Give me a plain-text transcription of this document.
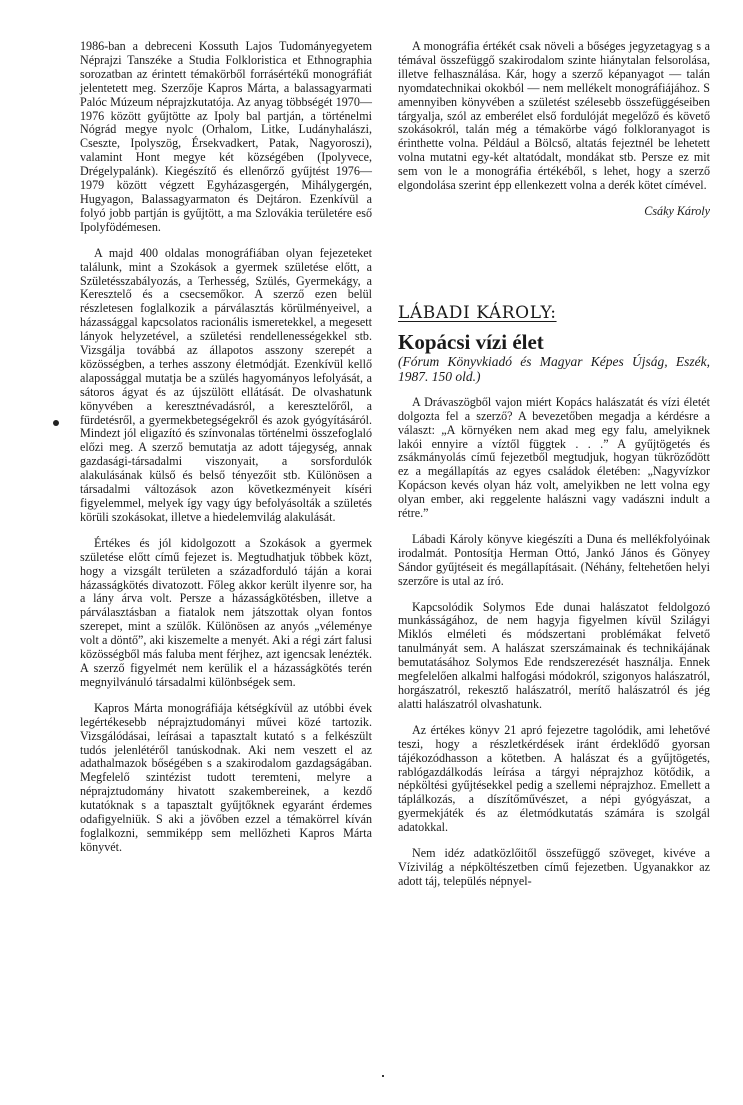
1986-ban a debreceni Kossuth Lajos Tudományegyetem Néprajzi Tanszéke a Studia Folkloristica et Ethnographia sorozatban az érintett témakörből forrásértékű monográfiát jelentetett meg. Szerzője Kapros Márta, a balassagyarmati Palóc Múzeum néprajzkutatója. Az anyag többségét 1970—1976 között gyűjtötte az Ipoly bal partján, a történelmi Nógrád megye nyolc (Orhalom, Litke, Ludányhalászi, Cseszte, Ipolyszög, Érsekvadkert, Patak, Nagyoroszi), valamint Hont megye két községében (Ipolyvece, Drégelypalánk). Kiegészítő és ellenőrző gyűjtést 1976—1979 között végzett Egyházasgergén, Mihálygergén, Hugyagon, Balassagyarmaton és Dejtáron. Ezenkívül a folyó jobb partján is gyűjtött, a ma Szlovákia területére eső Ipolyfödémesen.

A majd 400 oldalas monográfiában olyan fejezeteket találunk, mint a Szokások a gyermek születése előtt, a Születésszabályozás, a Terhesség, Szülés, Gyermekágy, a Keresztelő és a csecsemőkor. A szerző ezen belül részletesen foglalkozik a párválasztás körülményeivel, a házassággal kapcsolatos racionális ismeretekkel, a megesett lányok helyzetével, a születési rendellenességekkel stb. Vizsgálja továbbá az állapotos asszony szerepét a közösségben, a terhes asszony életmódját. Ezenkívül kellő alapossággal mutatja be a szülés hagyományos lefolyását, a sátoros ágyat és az újszülött ellátását. De olvashatunk könyvében a keresztnévadásról, a keresztelőről, a fürdetésről, a gyermekbetegségekről és azok gyógyításáról. Mindezt jól eligazító és színvonalas történelmi összefoglaló előzi meg. A szerző bemutatja az adott tájegység, annak gazdasági-társadalmi viszonyait, a sorsfordulók alakulásának külső és belső tényezőit stb. Különösen a társadalmi változások azon következményeit kíséri figyelemmel, melyek így vagy úgy befolyásolták a születés körüli szokásokat, illetve a hiedelemvilág alakulását.

Értékes és jól kidolgozott a Szokások a gyermek születése előtt című fejezet is. Megtudhatjuk többek közt, hogy a vizsgált területen a századforduló táján a korai házasságkötés divatozott. Főleg akkor került ilyenre sor, ha a lány árva volt. Persze a házasságkötésben, illetve a párválasztásban a fiatalok nem játszottak olyan fontos szerepet, mint a szülők. Különösen az anyós „véleménye volt a döntő”, aki kiszemelte a menyét. Aki a régi zárt falusi közösségből más faluba ment férjhez, azt igencsak lenézték. A szerző figyelmét nem kerülik el a házasságkötés terén megnyilvánuló társadalmi különbségek sem.

Kapros Márta monográfiája kétségkívül az utóbbi évek legértékesebb néprajztudományi művei közé tartozik. Vizsgálódásai, leírásai a tapasztalt kutató s a felkészült tudós jelenlétéről tanúskodnak. Aki nem veszett el az adathalmazok bőségében s a szakirodalom gazdagságában. Megfelelő szintézist tudott teremteni, melyre a néprajztudomány hivatott szakembereinek, a kezdő kutatóknak s a tapasztalt gyűjtőknek egyaránt érdemes odafigyelniük. S aki a jövőben ezzel a témakörrel kíván foglalkozni, semmiképp sem mellőzheti Kapros Márta könyvét.

A monográfia értékét csak növeli a bőséges jegyzetagyag s a témával összefüggő szakirodalom szinte hiánytalan felsorolása, illetve felhasználása. Kár, hogy a szerző képanyagot — talán nyomdatechnikai okokból — nem mellékelt monográfiájához. S amennyiben könyvében a születést szélesebb összefüggéseiben tárgyalja, szól az emberélet első fordulóját megelőző és követő szokásokról, talán még a témakörbe vágó folkloranyagot is érinthette volna. Például a Bölcső, altatás fejeztnél be lehetett volna mutatni egy-két altatódalt, mondákat stb. Persze ez mit sem von le a monográfia értékéből, s lehet, hogy a szerző elgondolása szerint épp ellenkezett volna a derék kötet címével.

Csáky Károly
LÁBADI KÁROLY:
Kopácsi vízi élet
(Fórum Könyvkiadó és Magyar Képes Újság, Eszék, 1987. 150 old.)

A Drávaszögből vajon miért Kopács halászatát és vízi életét dolgozta fel a szerző? A bevezetőben megadja a kérdésre a választ: „A környéken nem akad meg egy falu, amelyiknek lakói ennyire a víztől függtek . . .” A gyűjtögetés és zsákmányolás című fejezetből megtudjuk, hogyan tükröződött ez a megállapítás az egyes családok életében: „Nagyvízkor Kopácson kevés olyan ház volt, amelyikben ne lett volna egy olyan ember, aki reggelente halászni vagy vadászni indult a rétre.”

Lábadi Károly könyve kiegészíti a Duna és mellékfolyóinak irodalmát. Pontosítja Herman Ottó, Jankó János és Gönyey Sándor gyűjtéseit és megállapításait. (Néhány, feltehetően helyi szerzőre is utal az író.

Kapcsolódik Solymos Ede dunai halászatot feldolgozó munkásságához, de nem hagyja figyelmen kívül Szilágyi Miklós elméleti és módszertani problémákat felvető tanulmányát sem. A halászat szerszámainak és technikájának bemutatásához Solymos Ede rendszerezését használja. Ennek megfelelően alkalmi halfogási módokról, szigonyos halászatról, horgászatról, rekesztő halászatról, merítő halászatról és jég alatti halászatról olvashatunk.

Az értékes könyv 21 apró fejezetre tagolódik, ami lehetővé teszi, hogy a részletkérdések iránt érdeklődő gyorsan tájékozódhasson a kötetben. A halászat és a gyűjtögetés, rablógazdálkodás leírása a tárgyi néprajzhoz kötődik, a népköltési gyűjtésekkel pedig a szellemi néprajzhoz. Emellett a táplálkozás, a díszítőművészet, a népi gyógyászat, a gyermekjáték és az életmódkutatás számára is szolgál adatokkal.

Nem idéz adatközlőitől összefüggő szöveget, kivéve a Vízivilág a népköltészetben című fejezetben. Ugyanakkor az adott táj, település népnyel-
